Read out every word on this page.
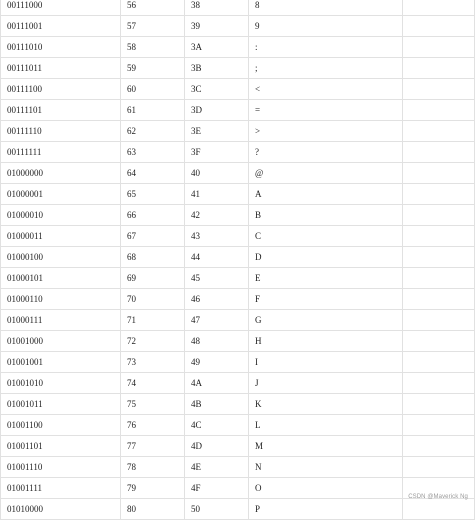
00111000	56	38	8	
00111001	57	39	9	
00111010	58	3A	:	
00111011	59	3B	;	
00111100	60	3C	<	
00111101	61	3D	=	
00111110	62	3E	>	
00111111	63	3F	?	
01000000	64	40	@	
01000001	65	41	A	
01000010	66	42	B	
01000011	67	43	C	
01000100	68	44	D	
01000101	69	45	E	
01000110	70	46	F	
01000111	71	47	G	
01001000	72	48	H	
01001001	73	49	I	
01001010	74	4A	J	
01001011	75	4B	K	
01001100	76	4C	L	
01001101	77	4D	M	
01001110	78	4E	N	
01001111	79	4F	O	
01010000	80	50	P	
CSDN @Maverick Ng
